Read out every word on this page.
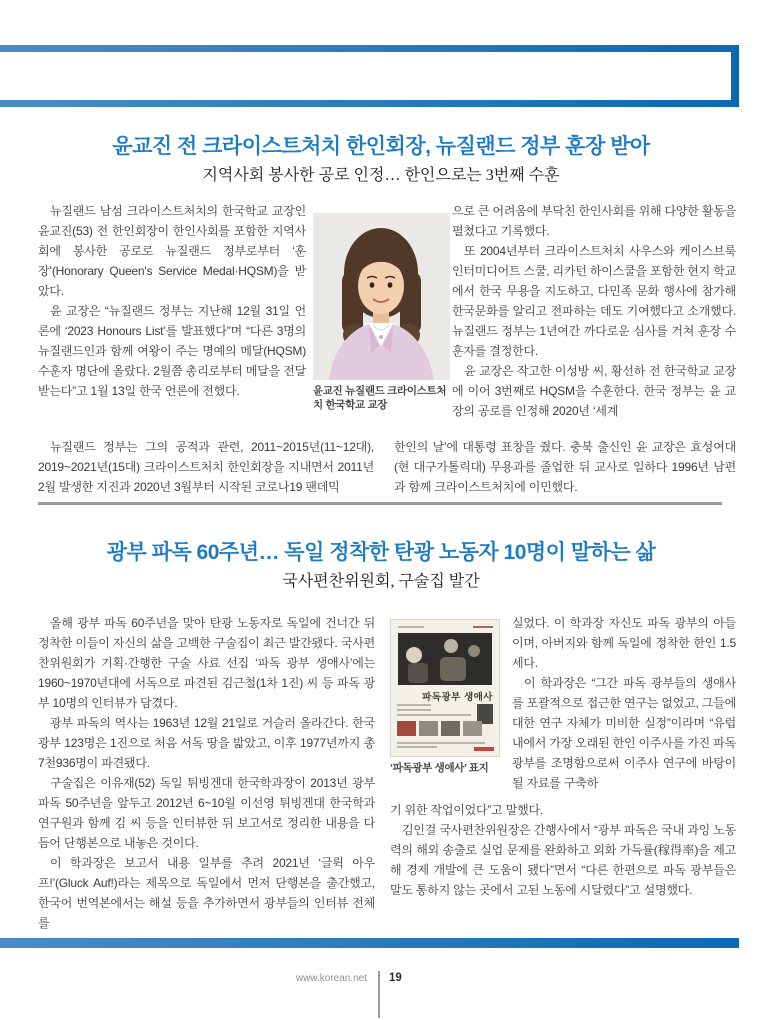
윤교진 전 크라이스트처치 한인회장, 뉴질랜드 정부 훈장 받아
지역사회 봉사한 공로 인정… 한인으로는 3번째 수훈

뉴질랜드 남섬 크라이스트처치의 한국학교 교장인 윤교진(53) 전 한인회장이 한인사회를 포함한 지역사회에 봉사한 공로로 뉴질랜드 정부로부터 ‘훈장’(Honorary Queen's Service Medal·HQSM)을 받았다.

윤 교장은 “뉴질랜드 정부는 지난해 12월 31일 언론에 ‘2023 Honours List’를 발표했다”며 “다른 3명의 뉴질랜드인과 함께 여왕이 주는 명예의 메달(HQSM) 수훈자 명단에 올랐다. 2월쯤 총리로부터 메달을 전달받는다”고 1월 13일 한국 언론에 전했다.	윤교진 뉴질랜드 크라이스트처치 한국학교 교장

으로 큰 어려움에 부닥친 한인사회를 위해 다양한 활동을 펼쳤다고 기록했다.

또 2004년부터 크라이스트처치 사우스와 케이스브룩 인터미디어트 스쿨, 리카턴 하이스쿨을 포함한 현지 학교에서 한국 무용을 지도하고, 다민족 문화 행사에 참가해 한국문화를 알리고 전파하는 데도 기여했다고 소개했다. 뉴질랜드 정부는 1년여간 까다로운 심사를 거쳐 훈장 수훈자를 결정한다.

윤 교장은 작고한 이성방 씨, 황선하 전 한국학교 교장에 이어 3번째로 HQSM을 수훈한다. 한국 정부는 윤 교장의 공로를 인정해 2020년 ‘세계

뉴질랜드 정부는 그의 공적과 관련, 2011~2015년(11~12대), 2019~2021년(15대) 크라이스트처치 한인회장을 지내면서 2011년 2월 발생한 지진과 2020년 3월부터 시작된 코로나19 팬데믹

한인의 날’에 대통령 표창을 줬다. 충북 출신인 윤 교장은 효성여대(현 대구가톨릭대) 무용과를 졸업한 뒤 교사로 일하다 1996년 남편과 함께 크라이스트처치에 이민했다.

광부 파독 60주년… 독일 정착한 탄광 노동자 10명이 말하는 삶
국사편찬위원회, 구술집 발간

올해 광부 파독 60주년을 맞아 탄광 노동자로 독일에 건너간 뒤 정착한 이들이 자신의 삶을 고백한 구술집이 최근 발간됐다. 국사편찬위원회가 기획·간행한 구술 사료 선집 ‘파독 광부 생애사’에는 1960~1970년대에 서독으로 파견된 김근철(1차 1진) 씨 등 파독 광부 10명의 인터뷰가 담겼다.

광부 파독의 역사는 1963년 12월 21일로 거슬러 올라간다. 한국 광부 123명은 1진으로 처음 서독 땅을 밟았고, 이후 1977년까지 총 7천936명이 파견됐다.

구술집은 이유재(52) 독일 튀빙겐대 한국학과장이 2013년 광부 파독 50주년을 앞두고 2012년 6~10월 이선영 튀빙겐대 한국학과 연구원과 함께 김 씨 등을 인터뷰한 뒤 보고서로 정리한 내용을 다듬어 단행본으로 내놓은 것이다.

이 학과장은 보고서 내용 일부를 추려 2021년 ‘글뤽 아우프!’(Gluck Auf!)라는 제목으로 독일에서 먼저 단행본을 출간했고, 한국어 번역본에서는 해설 등을 추가하면서 광부들의 인터뷰 전체를

파독광부 생애사
‘파독광부 생애사’ 표지

실었다. 이 학과장 자신도 파독 광부의 아들이며, 아버지와 함께 독일에 정착한 한인 1.5세다.

이 학과장은 “그간 파독 광부들의 생애사를 포괄적으로 접근한 연구는 없었고, 그들에 대한 연구 자체가 미비한 실정”이라며 “유럽 내에서 가장 오래된 한인 이주사를 가진 파독 광부를 조명함으로써 이주사 연구에 바탕이 될 자료를 구축하

기 위한 작업이었다”고 말했다.

김인걸 국사편찬위원장은 간행사에서 “광부 파독은 국내 과잉 노동력의 해외 송출로 실업 문제를 완화하고 외화 가득률(稼得率)을 제고해 경제 개발에 큰 도움이 됐다”면서 “다른 한편으로 파독 광부들은 말도 통하지 않는 곳에서 고된 노동에 시달렸다”고 설명했다.

www.korean.net 19
